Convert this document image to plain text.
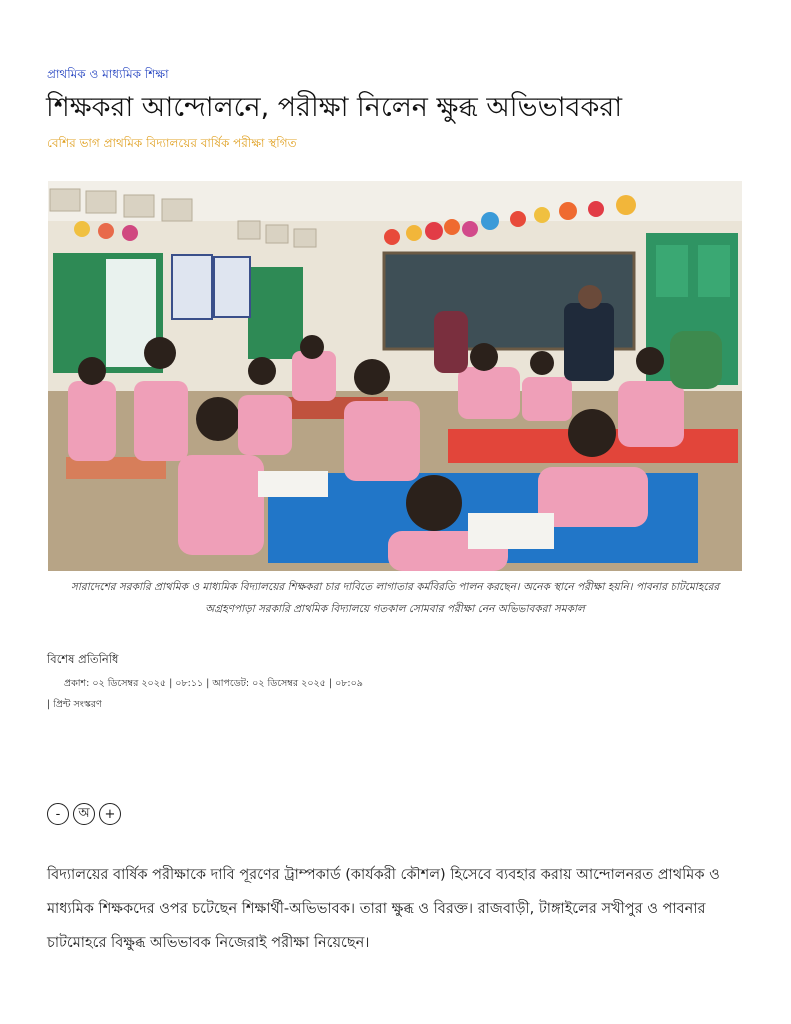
প্রাথমিক ও মাধ্যমিক শিক্ষা
শিক্ষকরা আন্দোলনে, পরীক্ষা নিলেন ক্ষুব্ধ অভিভাবকরা
বেশির ভাগ প্রাথমিক বিদ্যালয়ের বার্ষিক পরীক্ষা স্থগিত
সারাদেশের সরকারি প্রাথমিক ও মাধ্যমিক বিদ্যালয়ের শিক্ষকরা চার দাবিতে লাগাতার কর্মবিরতি পালন করছেন। অনেক স্থানে পরীক্ষা হয়নি। পাবনার চাটমোহরের অগ্রহণপাড়া সরকারি প্রাথমিক বিদ্যালয়ে গতকাল সোমবার পরীক্ষা নেন অভিভাবকরা সমকাল
বিশেষ প্রতিনিধি
প্রকাশ: ০২ ডিসেম্বর ২০২৫ | ০৮:১১ | আপডেট: ০২ ডিসেম্বর ২০২৫ | ০৮:০৯
| প্রিন্ট সংস্করণ
-	অ	+
বিদ্যালয়ের বার্ষিক পরীক্ষাকে দাবি পূরণের ট্রাম্পকার্ড (কার্যকরী কৌশল) হিসেবে ব্যবহার করায় আন্দোলনরত প্রাথমিক ও মাধ্যমিক শিক্ষকদের ওপর চটেছেন শিক্ষার্থী-অভিভাবক। তারা ক্ষুব্ধ ও বিরক্ত। রাজবাড়ী, টাঙ্গাইলের সখীপুর ও পাবনার চাটমোহরে বিক্ষুব্ধ অভিভাবক নিজেরাই পরীক্ষা নিয়েছেন।
